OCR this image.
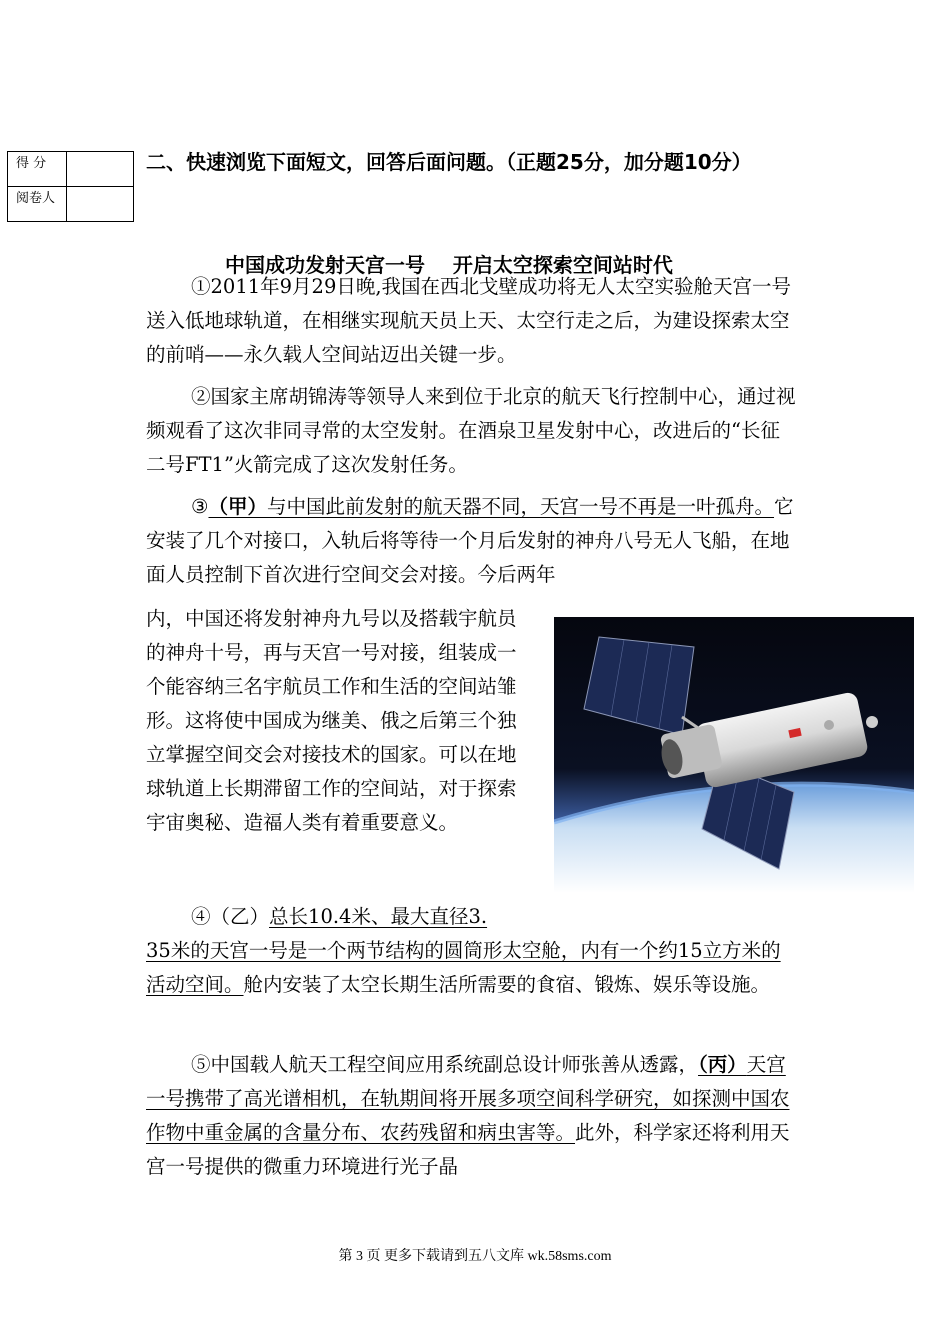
得 分	
阅卷人	
二、快速浏览下面短文，回答后面问题。（正题25分，加分题10分）
中国成功发射天宫一号    开启太空探索空间站时代
①2011年9月29日晚,我国在西北戈壁成功将无人太空实验舱天宫一号送入低地球轨道，在相继实现航天员上天、太空行走之后，为建设探索太空的前哨——永久载人空间站迈出关键一步。
②国家主席胡锦涛等领导人来到位于北京的航天飞行控制中心，通过视频观看了这次非同寻常的太空发射。在酒泉卫星发射中心，改进后的“长征二号FT1”火箭完成了这次发射任务。
③（甲）与中国此前发射的航天器不同，天宫一号不再是一叶孤舟。它安装了几个对接口，入轨后将等待一个月后发射的神舟八号无人飞船，在地面人员控制下首次进行空间交会对接。今后两年
内，中国还将发射神舟九号以及搭载宇航员的神舟十号，再与天宫一号对接，组装成一个能容纳三名宇航员工作和生活的空间站雏形。这将使中国成为继美、俄之后第三个独立掌握空间交会对接技术的国家。可以在地球轨道上长期滞留工作的空间站，对于探索宇宙奥秘、造福人类有着重要意义。
④（乙）总长10.4米、最大直径3.
35米的天宫一号是一个两节结构的圆筒形太空舱，内有一个约15立方米的活动空间。舱内安装了太空长期生活所需要的食宿、锻炼、娱乐等设施。
⑤中国载人航天工程空间应用系统副总设计师张善从透露，（丙）天宫一号携带了高光谱相机，在轨期间将开展多项空间科学研究，如探测中国农作物中重金属的含量分布、农药残留和病虫害等。此外，科学家还将利用天宫一号提供的微重力环境进行光子晶
第 3 页 更多下载请到五八文库 wk.58sms.com
